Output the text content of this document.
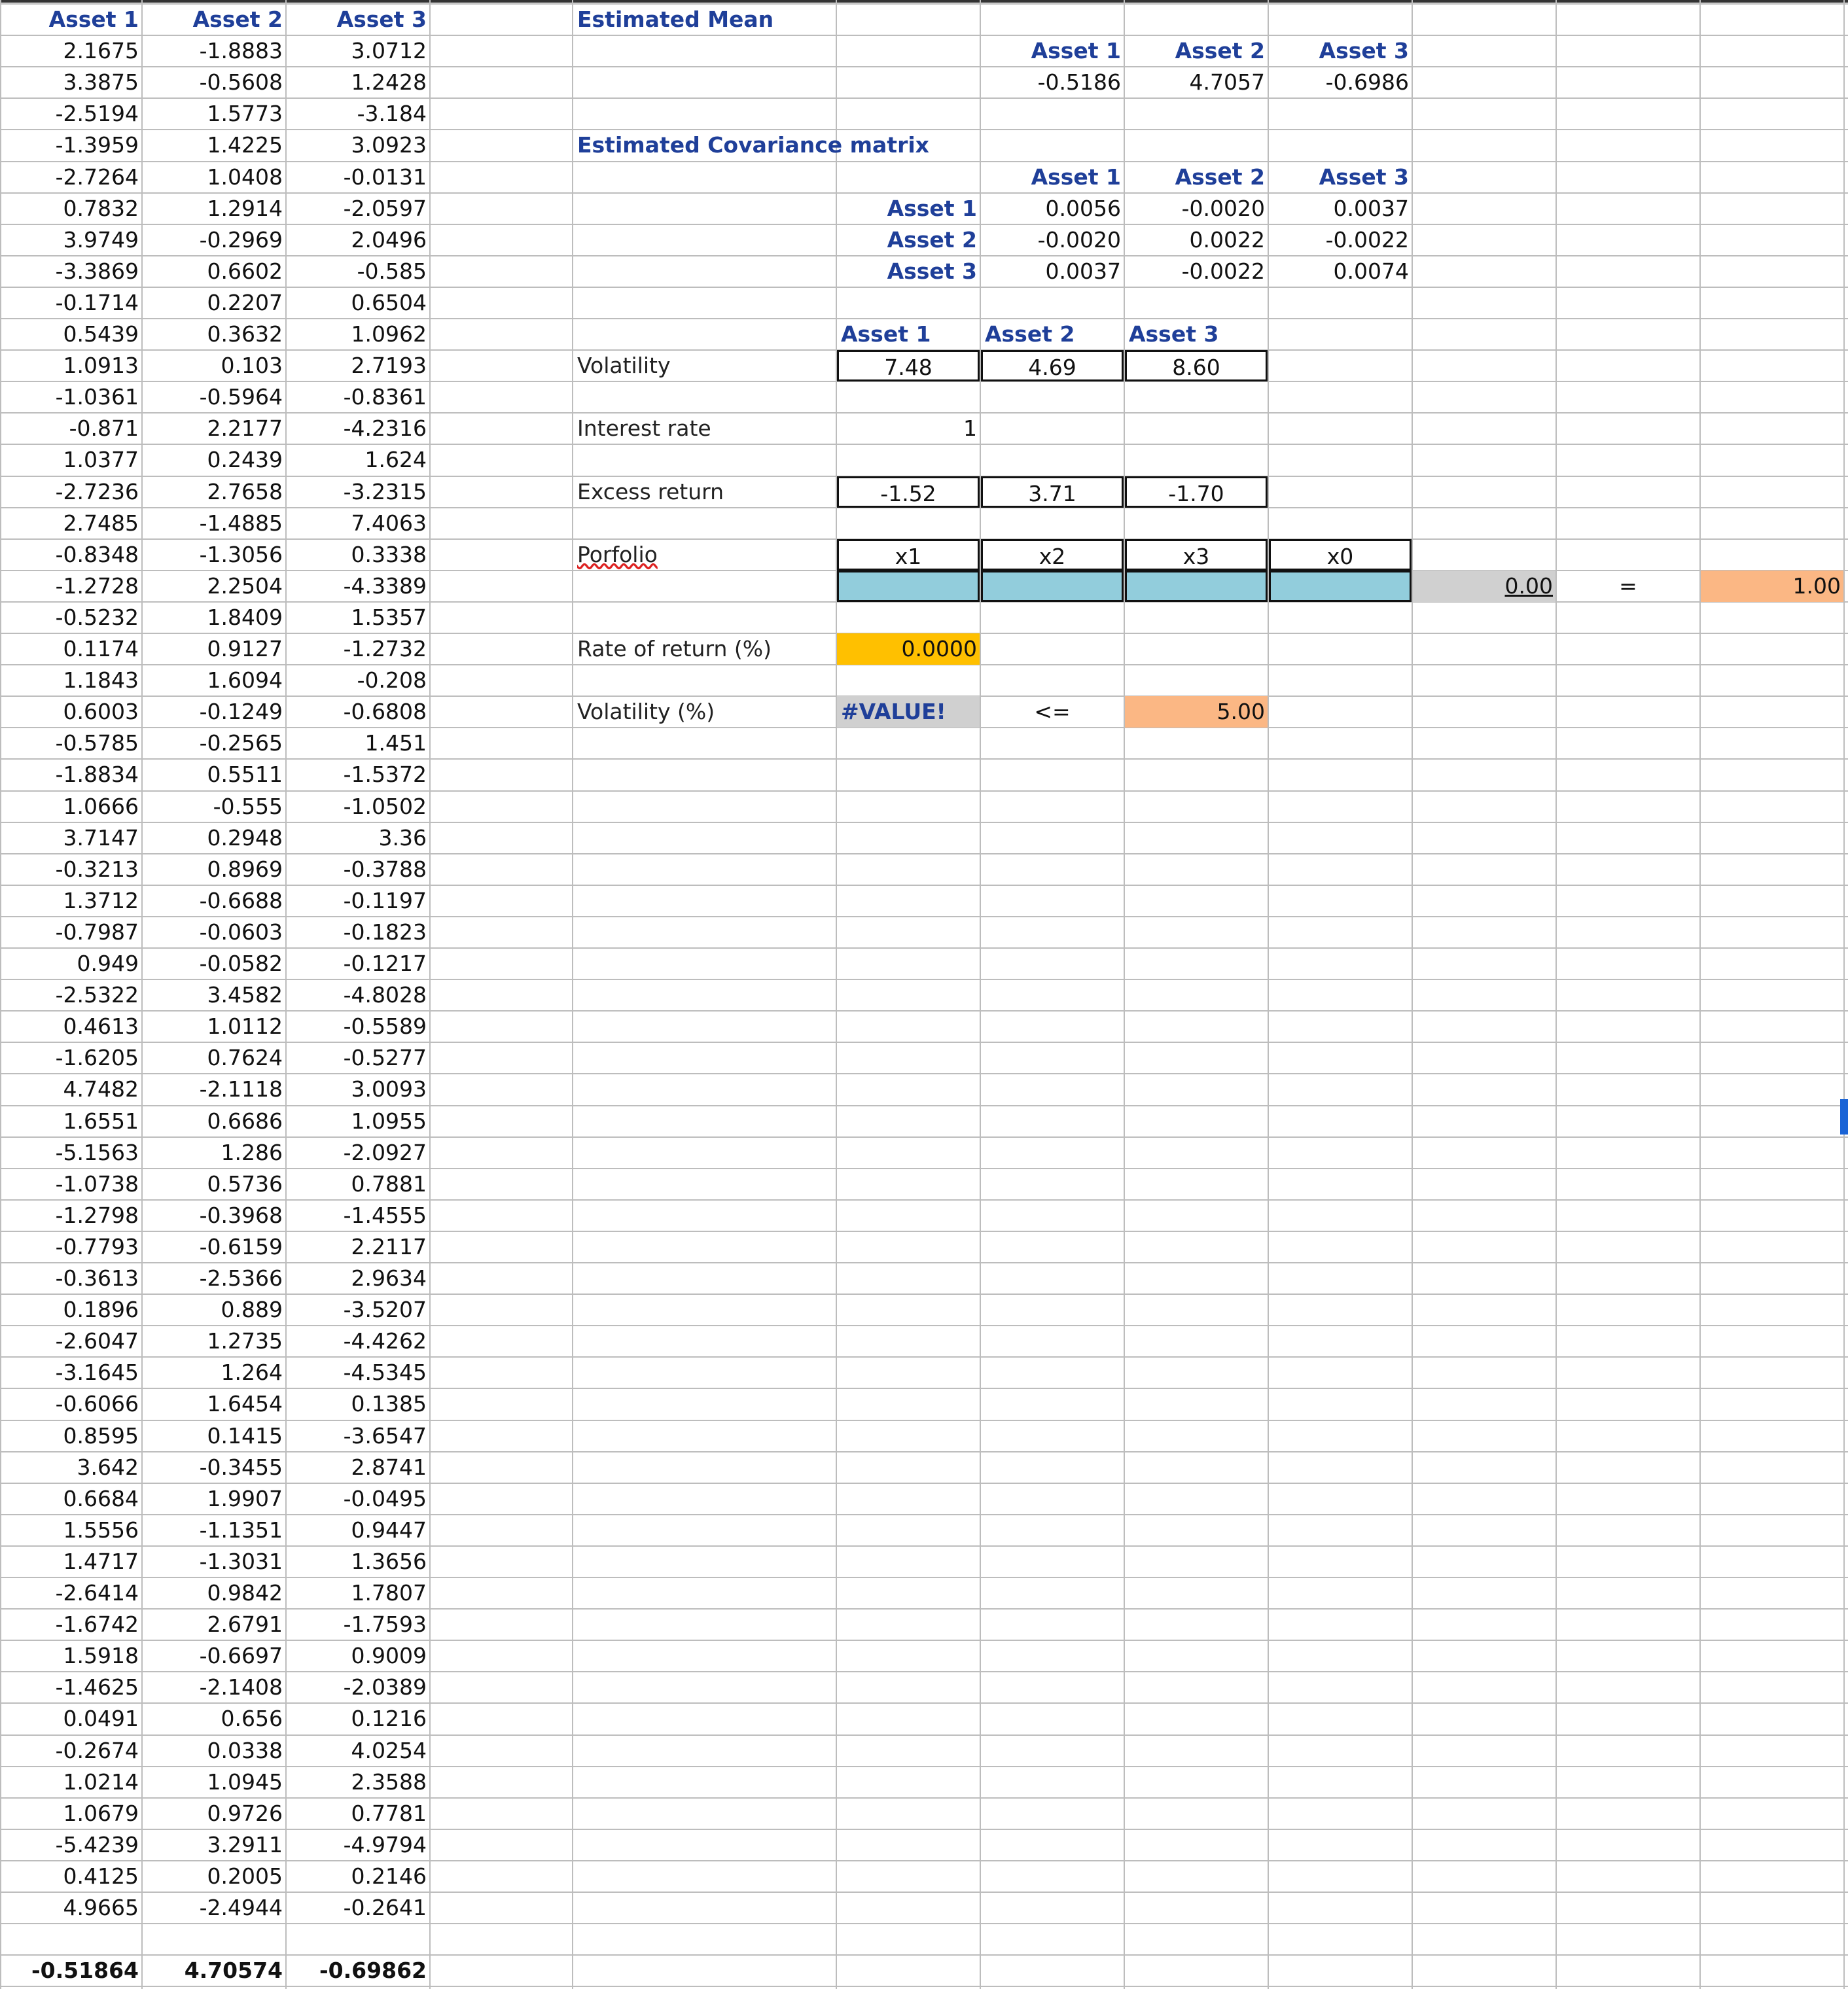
Asset 1	Asset 2	Asset 3
2.1675	-1.8883	3.0712
3.3875	-0.5608	1.2428
-2.5194	1.5773	-3.184
-1.3959	1.4225	3.0923
-2.7264	1.0408	-0.0131
0.7832	1.2914	-2.0597
3.9749	-0.2969	2.0496
-3.3869	0.6602	-0.585
-0.1714	0.2207	0.6504
0.5439	0.3632	1.0962
1.0913	0.103	2.7193
-1.0361	-0.5964	-0.8361
-0.871	2.2177	-4.2316
1.0377	0.2439	1.624
-2.7236	2.7658	-3.2315
2.7485	-1.4885	7.4063
-0.8348	-1.3056	0.3338
-1.2728	2.2504	-4.3389
-0.5232	1.8409	1.5357
0.1174	0.9127	-1.2732
1.1843	1.6094	-0.208
0.6003	-0.1249	-0.6808
-0.5785	-0.2565	1.451
-1.8834	0.5511	-1.5372
1.0666	-0.555	-1.0502
3.7147	0.2948	3.36
-0.3213	0.8969	-0.3788
1.3712	-0.6688	-0.1197
-0.7987	-0.0603	-0.1823
0.949	-0.0582	-0.1217
-2.5322	3.4582	-4.8028
0.4613	1.0112	-0.5589
-1.6205	0.7624	-0.5277
4.7482	-2.1118	3.0093
1.6551	0.6686	1.0955
-5.1563	1.286	-2.0927
-1.0738	0.5736	0.7881
-1.2798	-0.3968	-1.4555
-0.7793	-0.6159	2.2117
-0.3613	-2.5366	2.9634
0.1896	0.889	-3.5207
-2.6047	1.2735	-4.4262
-3.1645	1.264	-4.5345
-0.6066	1.6454	0.1385
0.8595	0.1415	-3.6547
3.642	-0.3455	2.8741
0.6684	1.9907	-0.0495
1.5556	-1.1351	0.9447
1.4717	-1.3031	1.3656
-2.6414	0.9842	1.7807
-1.6742	2.6791	-1.7593
1.5918	-0.6697	0.9009
-1.4625	-2.1408	-2.0389
0.0491	0.656	0.1216
-0.2674	0.0338	4.0254
1.0214	1.0945	2.3588
1.0679	0.9726	0.7781
-5.4239	3.2911	-4.9794
0.4125	0.2005	0.2146
4.9665	-2.4944	-0.2641
-0.51864	4.70574	-0.69862
Estimated Mean
Asset 1	Asset 2	Asset 3
-0.5186	4.7057	-0.6986
Estimated Covariance matrix
Asset 1	Asset 2	Asset 3
Asset 1	0.0056	-0.0020	0.0037
Asset 2	-0.0020	0.0022	-0.0022
Asset 3	0.0037	-0.0022	0.0074
Asset 1	Asset 2	Asset 3
Volatility	7.48	4.69	8.60
Interest rate	1
Excess return	-1.52	3.71	-1.70
Porfolio	x1	x2	x3	x0
0.00	=	1.00
Rate of return (%)	0.0000
Volatility (%)	#VALUE!	<=	5.00
